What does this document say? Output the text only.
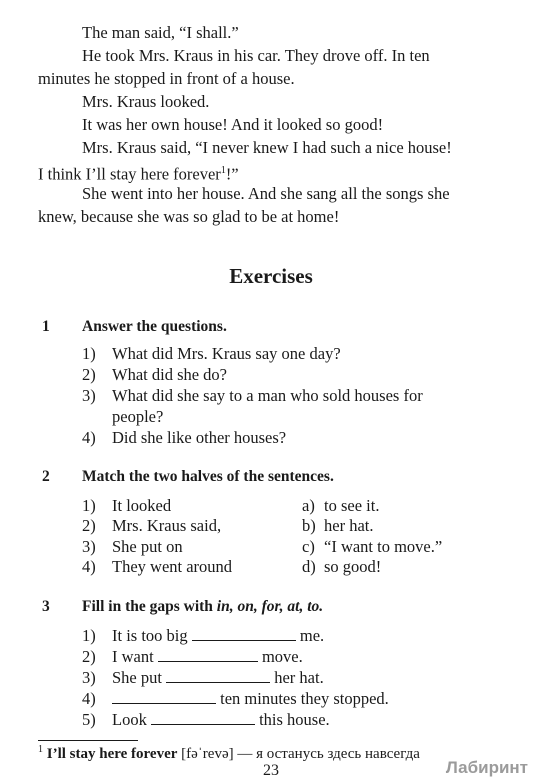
The man said, “I shall.”
He took Mrs. Kraus in his car. They drove off. In ten
minutes he stopped in front of a house.
Mrs. Kraus looked.
It was her own house! And it looked so good!
Mrs. Kraus said, “I never knew I had such a nice house!
I think I’ll stay here forever$^1$!”
She went into her house. And she sang all the songs she
knew, because she was so glad to be at home!
Exercises
1 Answer the questions.
1) What did Mrs. Kraus say one day?
2) What did she do?
3) What did she say to a man who sold houses for
people?
4) Did she like other houses?
2 Match the two halves of the sentences.
1) It looked	a) to see it.
2) Mrs. Kraus said,	b) her hat.
3) She put on	c) “I want to move.”
4) They went around	d) so good!
3 Fill in the gaps with in, on, for, at, to.
1) It is too big	me.
2) I want	move.
3) She put	her hat.
4)	ten minutes they stopped.
5) Look	this house.
$^1$ I’ll stay here forever [fəˈrevə] — я останусь здесь навсегда
23	Лабиринт
